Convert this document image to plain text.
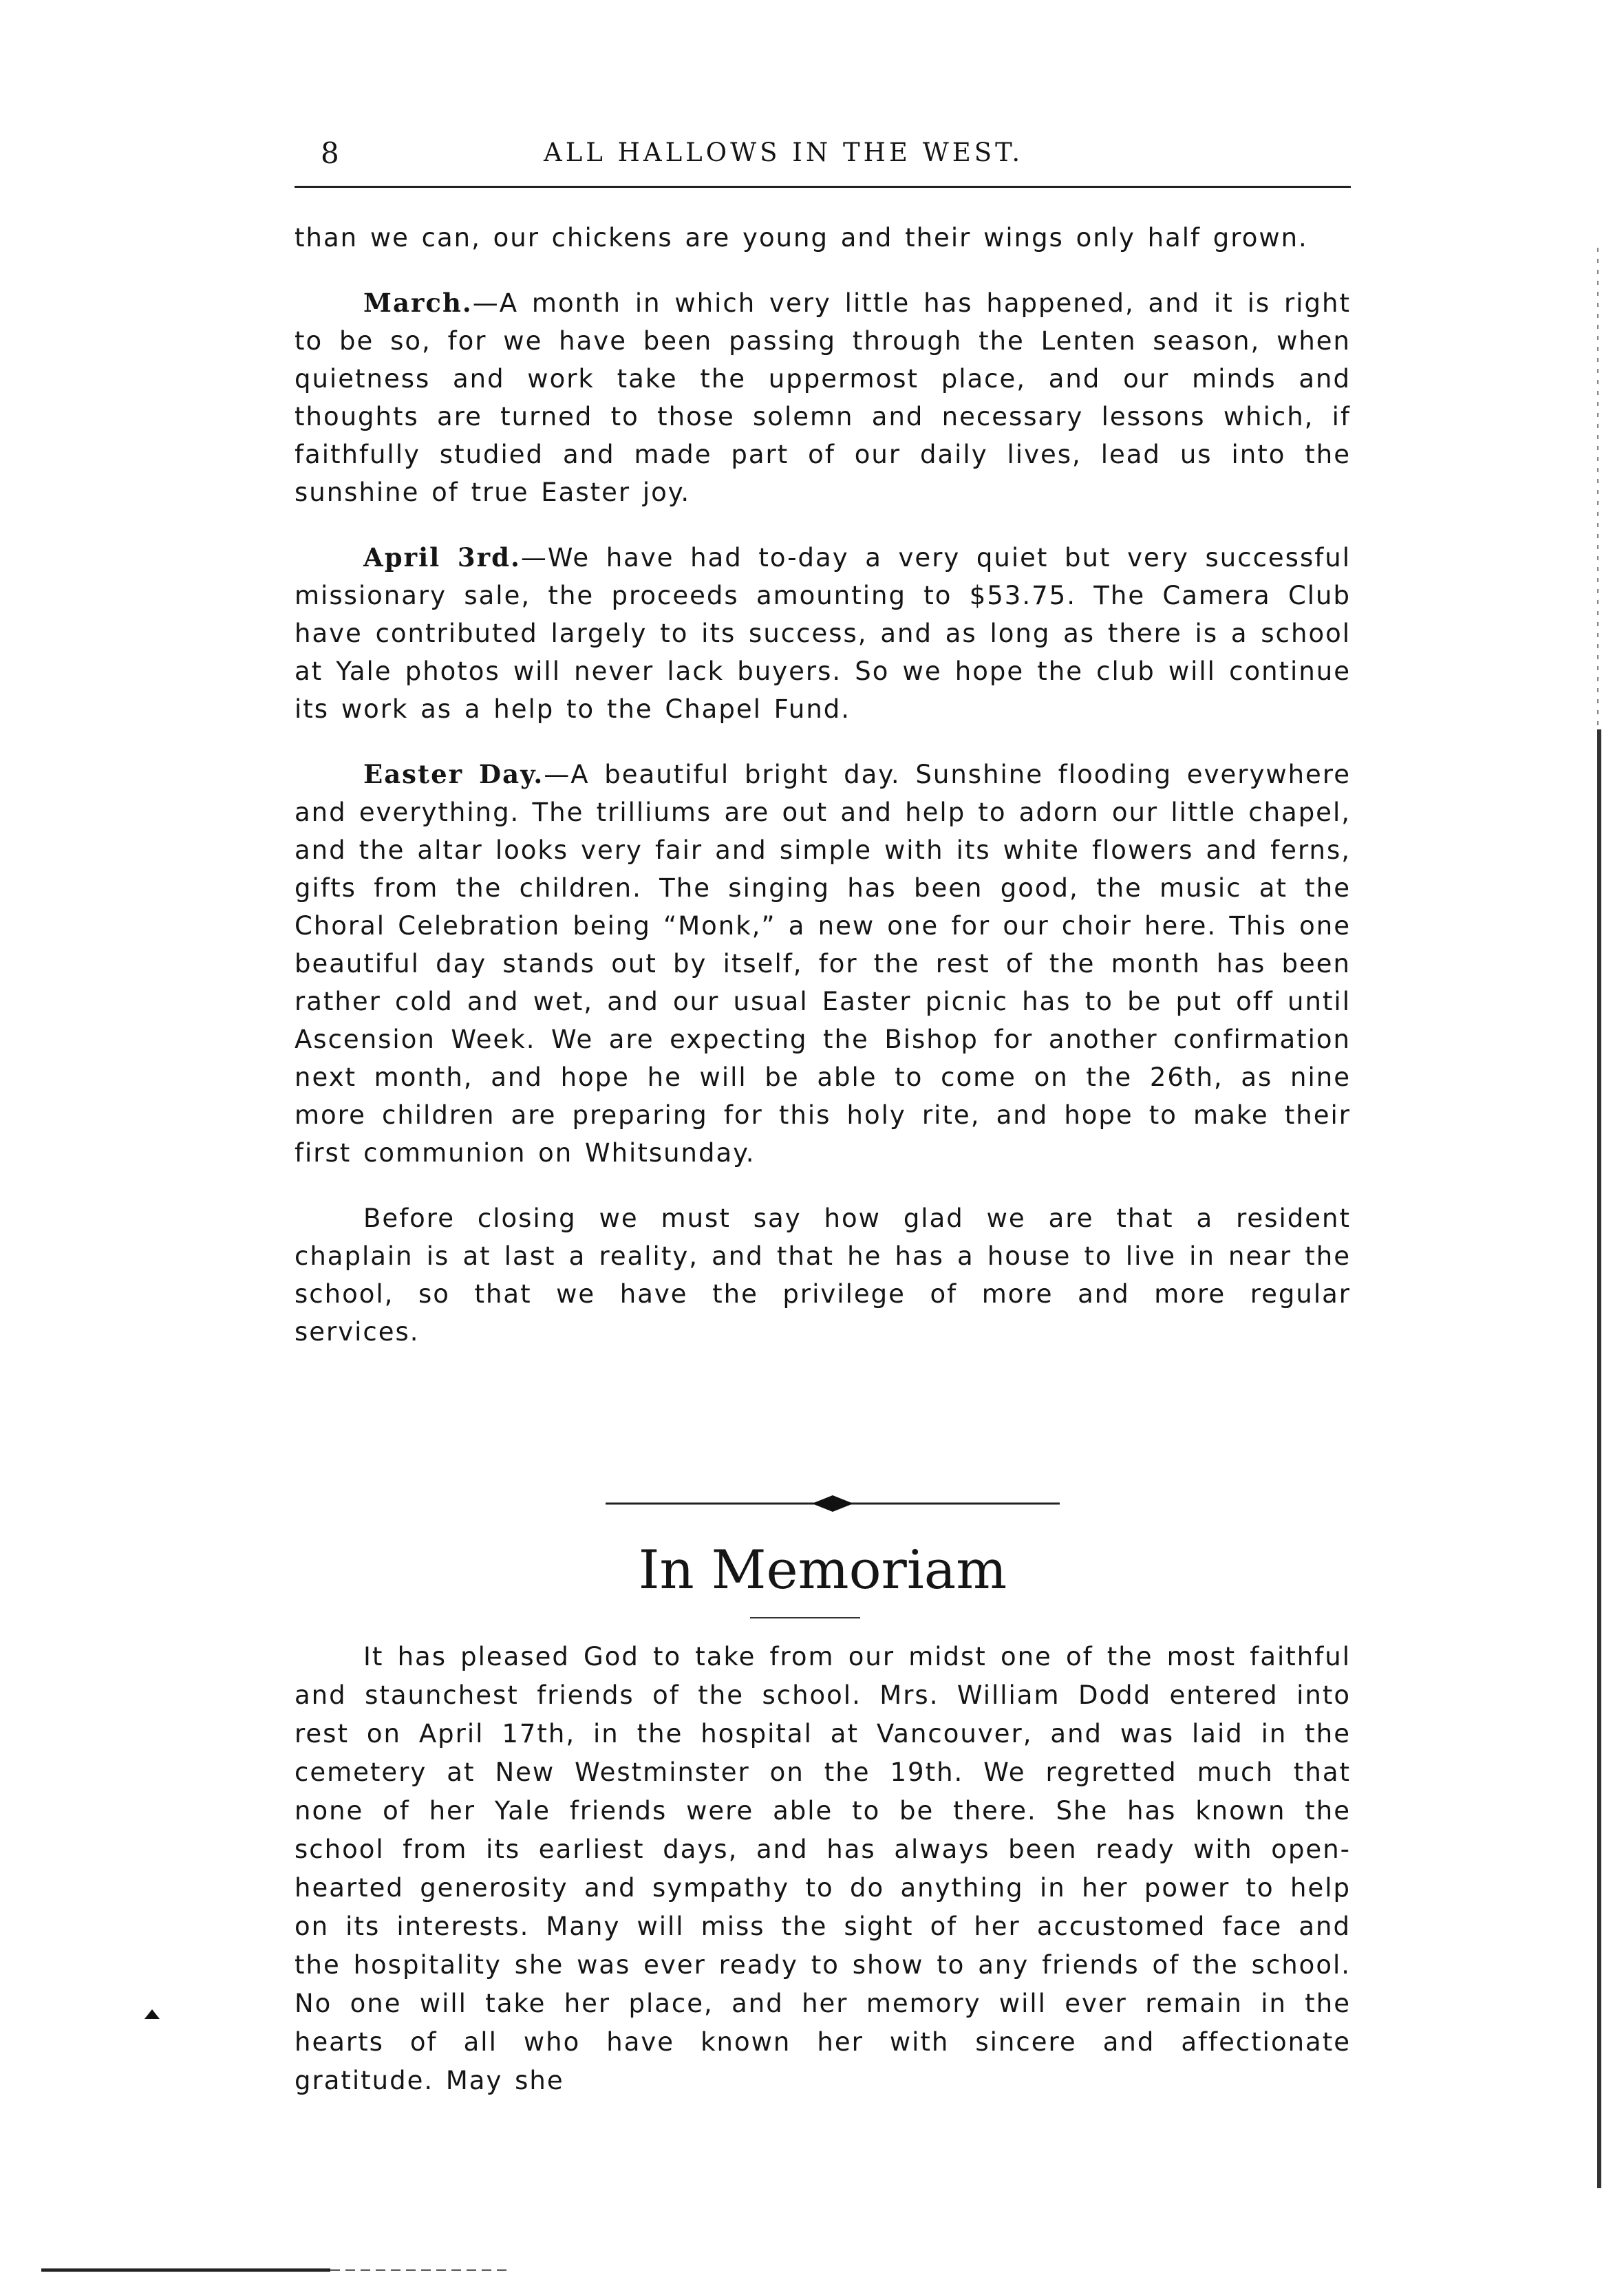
8	ALL HALLOWS IN THE WEST.

than we can, our chickens are young and their wings only half grown.

March.—A month in which very little has happened, and it is right to be so, for we have been passing through the Lenten season, when quietness and work take the uppermost place, and our minds and thoughts are turned to those solemn and necessary lessons which, if faithfully studied and made part of our daily lives, lead us into the sunshine of true Easter joy.

April 3rd.—We have had to-day a very quiet but very successful missionary sale, the proceeds amounting to $53.75. The Camera Club have contributed largely to its success, and as long as there is a school at Yale photos will never lack buyers. So we hope the club will continue its work as a help to the Chapel Fund.

Easter Day.—A beautiful bright day. Sunshine flooding everywhere and everything. The trilliums are out and help to adorn our little chapel, and the altar looks very fair and simple with its white flowers and ferns, gifts from the children. The singing has been good, the music at the Choral Celebration being “Monk,” a new one for our choir here. This one beautiful day stands out by itself, for the rest of the month has been rather cold and wet, and our usual Easter picnic has to be put off until Ascension Week. We are expecting the Bishop for another confirmation next month, and hope he will be able to come on the 26th, as nine more children are preparing for this holy rite, and hope to make their first communion on Whitsunday.

Before closing we must say how glad we are that a resident chaplain is at last a reality, and that he has a house to live in near the school, so that we have the privilege of more and more regular services.

In Memoriam

It has pleased God to take from our midst one of the most faithful and staunchest friends of the school. Mrs. William Dodd entered into rest on April 17th, in the hospital at Vancouver, and was laid in the cemetery at New Westminster on the 19th. We regretted much that none of her Yale friends were able to be there. She has known the school from its earliest days, and has always been ready with open-hearted generosity and sympathy to do anything in her power to help on its interests. Many will miss the sight of her accustomed face and the hospitality she was ever ready to show to any friends of the school. No one will take her place, and her memory will ever remain in the hearts of all who have known her with sincere and affectionate gratitude. May she
